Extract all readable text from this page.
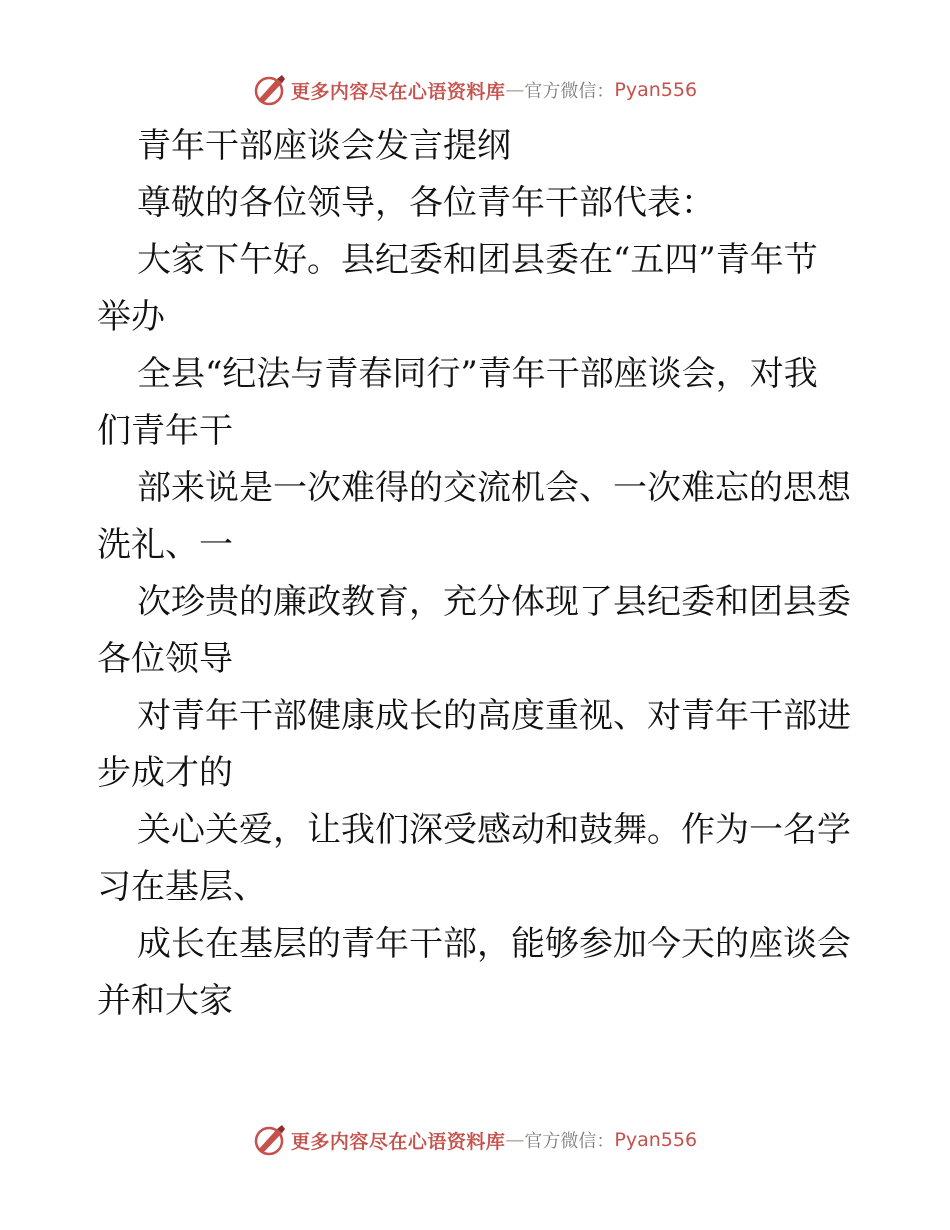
更多内容尽在心语资料库 — 官方微信： Pyan556
青年干部座谈会发言提纲
尊敬的各位领导，各位青年干部代表：
大家下午好。县纪委和团县委在“五四”青年节
举办
全县“纪法与青春同行”青年干部座谈会，对我
们青年干
部来说是一次难得的交流机会、一次难忘的思想
洗礼、一
次珍贵的廉政教育，充分体现了县纪委和团县委
各位领导
对青年干部健康成长的高度重视、对青年干部进
步成才的
关心关爱，让我们深受感动和鼓舞。作为一名学
习在基层、
成长在基层的青年干部，能够参加今天的座谈会
并和大家
更多内容尽在心语资料库 — 官方微信： Pyan556
